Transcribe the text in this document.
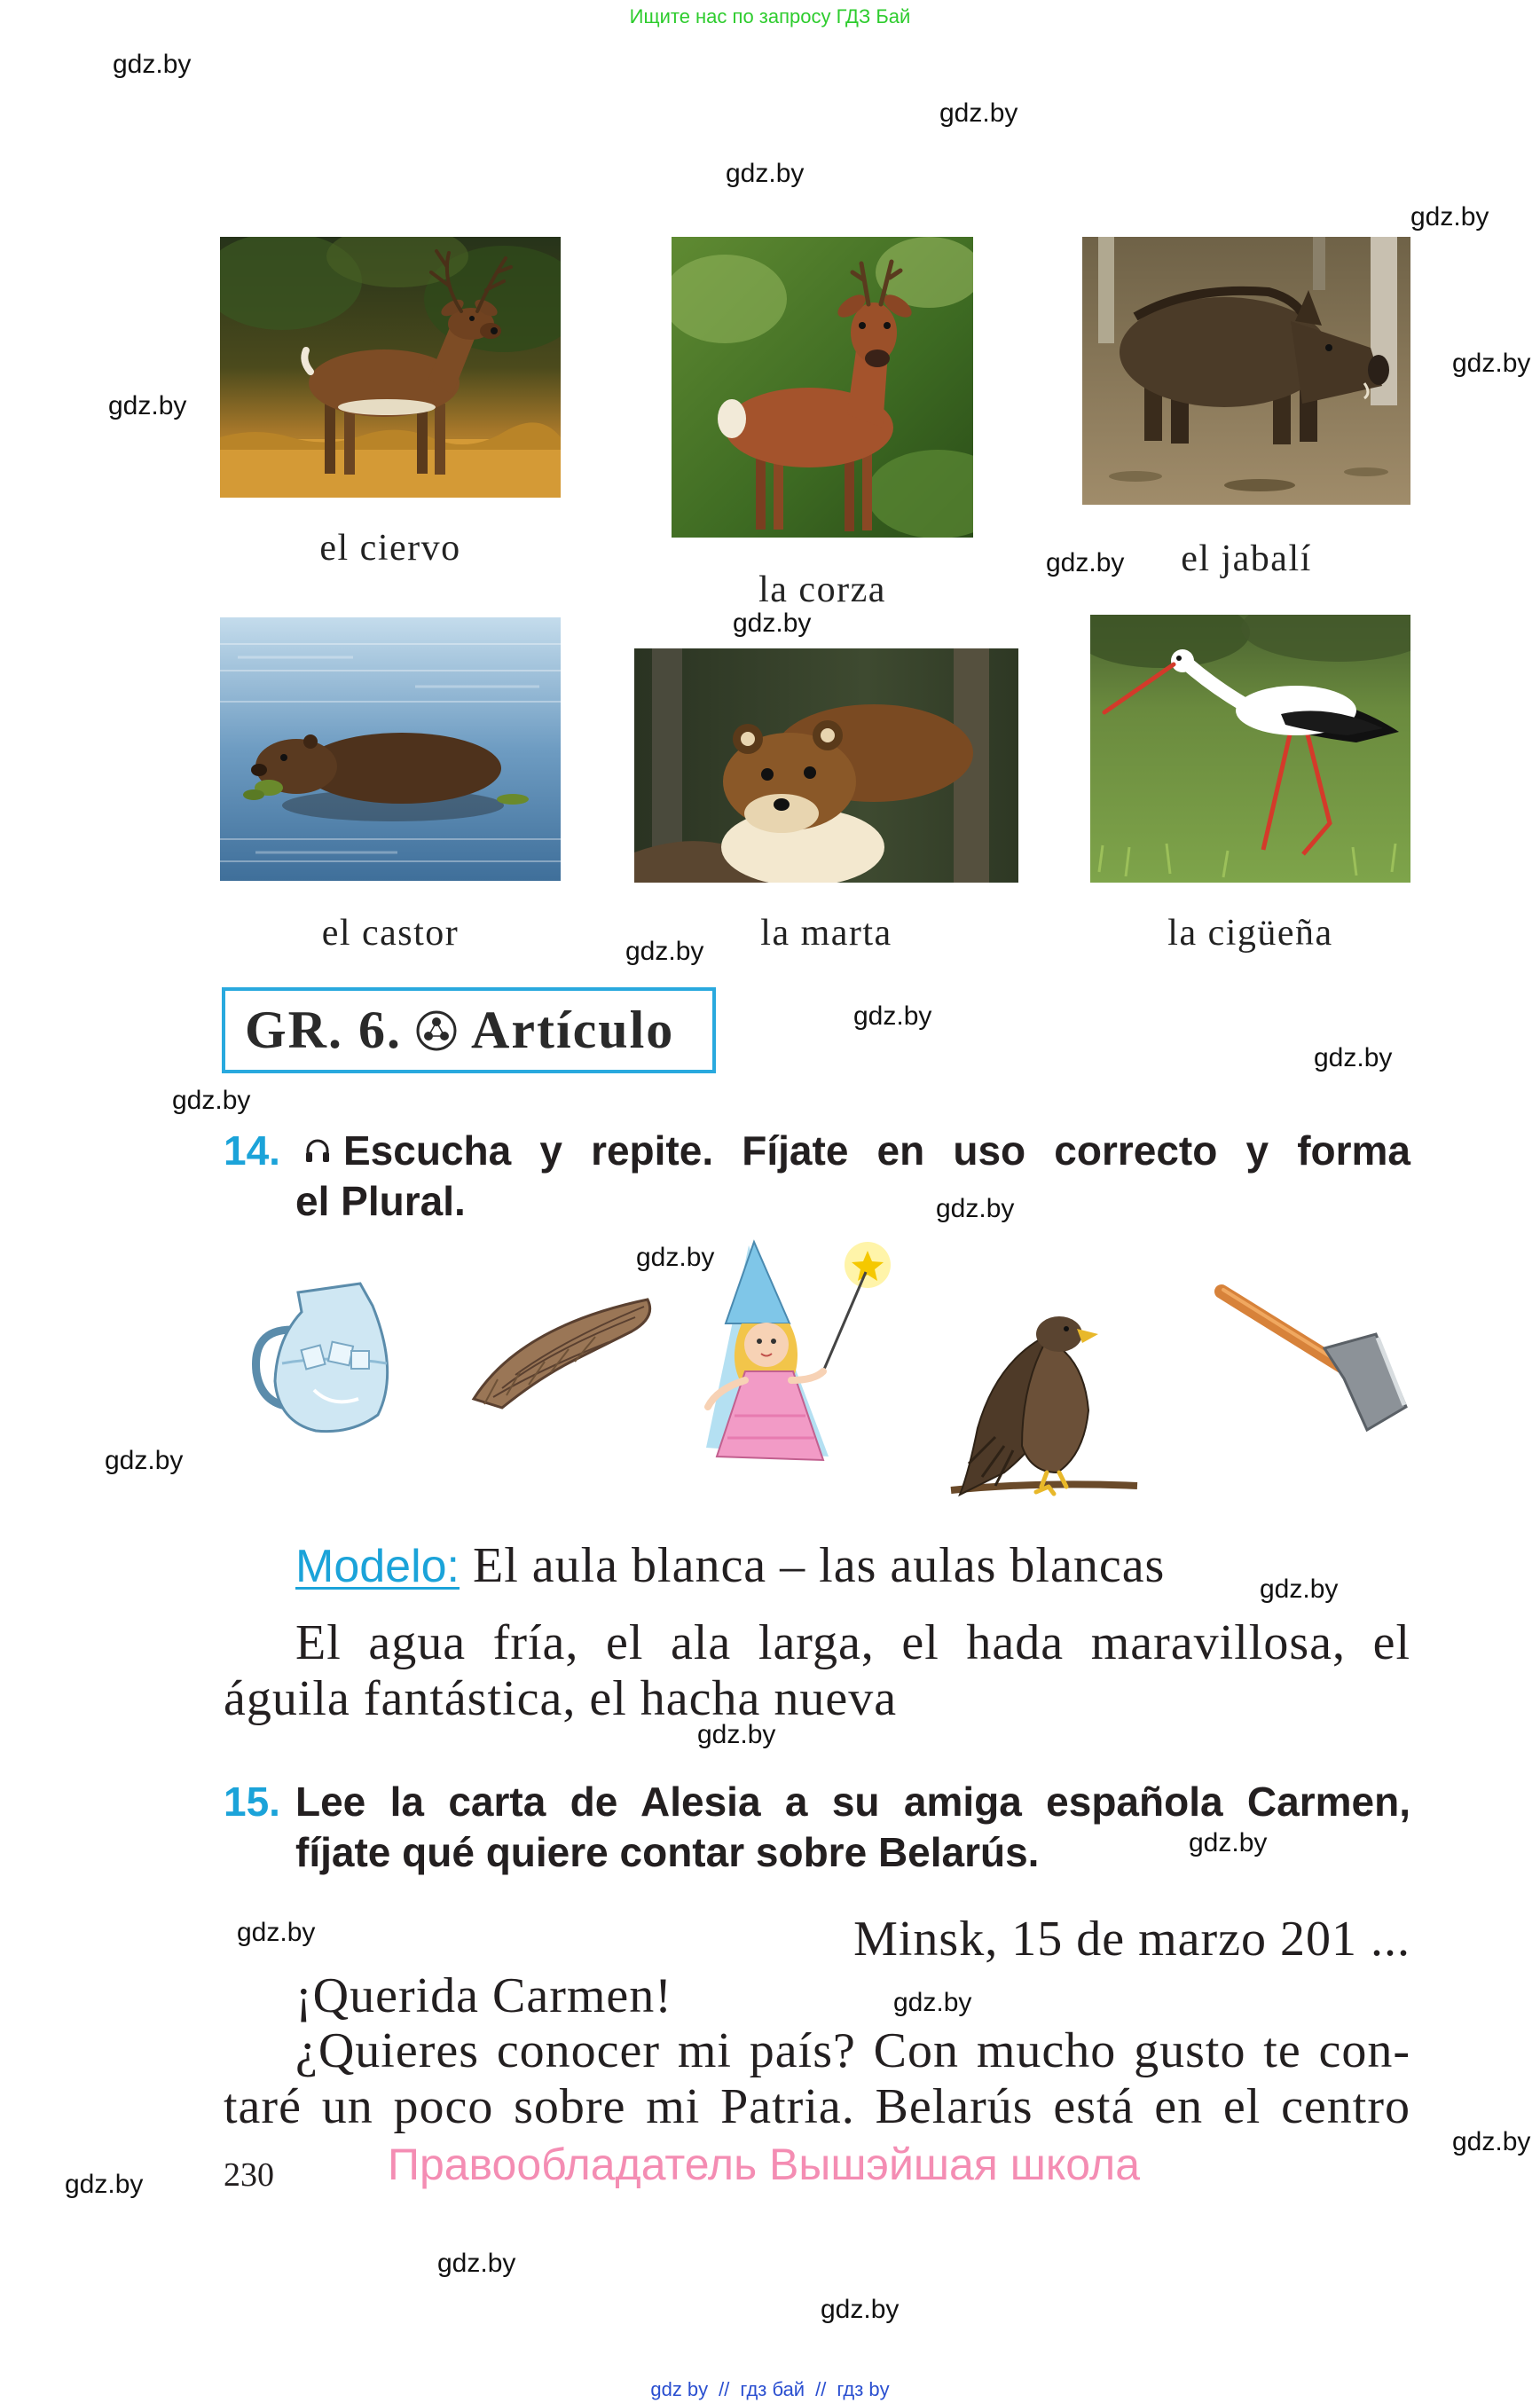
Ищите нас по запросу ГДЗ Бай
gdz.by
gdz.by
gdz.by
gdz.by
gdz.by
gdz.by
gdz.by
gdz.by
gdz.by
gdz.by
gdz.by
gdz.by
gdz.by
gdz.by
gdz.by
gdz.by
gdz.by
gdz.by
gdz.by
gdz.by
gdz.by
gdz.by
gdz.by
gdz.by
el ciervo
la corza
el jabalí
el castor	la marta	la cigüeña
GR. 6. Artículo
14. Escucha y repite. Fíjate en uso correcto y forma
el Plural.
Modelo: El aula blanca – las aulas blancas
El agua fría, el ala larga, el hada maravillosa, el
águila fantástica, el hacha nueva
15. Lee la carta de Alesia a su amiga española Carmen,
fíjate qué quiere contar sobre Belarús.
Minsk, 15 de marzo 201 ...
¡Querida Carmen!
¿Quieres conocer mi país? Con mucho gusto te con-
taré un poco sobre mi Patria. Belarús está en el centro
230	Правообладатель Вышэйшая школа
gdz by // гдз бай // гдз by
